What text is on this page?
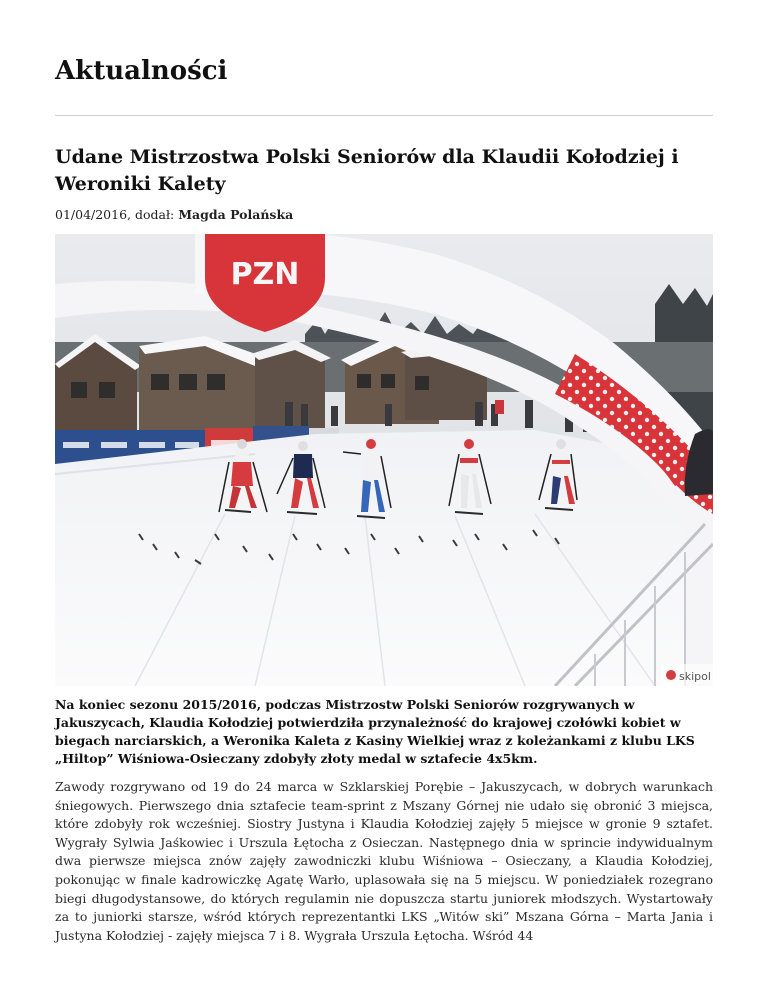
Aktualności
Udane Mistrzostwa Polski Seniorów dla Klaudii Kołodziej i Weroniki Kalety
01/04/2016, dodał: Magda Polańska
PZN
skipol

Na koniec sezonu 2015/2016, podczas Mistrzostw Polski Seniorów rozgrywanych w Jakuszycach, Klaudia Kołodziej potwierdziła przynależność do krajowej czołówki kobiet w biegach narciarskich, a Weronika Kaleta z Kasiny Wielkiej wraz z koleżankami z klubu LKS „Hiltop” Wiśniowa-Osieczany zdobyły złoty medal w sztafecie 4x5km.

Zawody rozgrywano od 19 do 24 marca w Szklarskiej Porębie – Jakuszycach, w dobrych warunkach śniegowych. Pierwszego dnia sztafecie team-sprint z Mszany Górnej nie udało się obronić 3 miejsca, które zdobyły rok wcześniej. Siostry Justyna i Klaudia Kołodziej zajęły 5 miejsce w gronie 9 sztafet. Wygrały Sylwia Jaśkowiec i Urszula Łętocha z Osieczan. Następnego dnia w sprincie indywidualnym dwa pierwsze miejsca znów zajęły zawodniczki klubu Wiśniowa – Osieczany, a Klaudia Kołodziej, pokonując w finale kadrowiczkę Agatę Warło, uplasowała się na 5 miejscu. W poniedziałek rozegrano biegi długodystansowe, do których regulamin nie dopuszcza startu juniorek młodszych. Wystartowały za to juniorki starsze, wśród których reprezentantki LKS „Witów ski” Mszana Górna – Marta Jania i Justyna Kołodziej - zajęły miejsca 7 i 8. Wygrała Urszula Łętocha. Wśród 44
